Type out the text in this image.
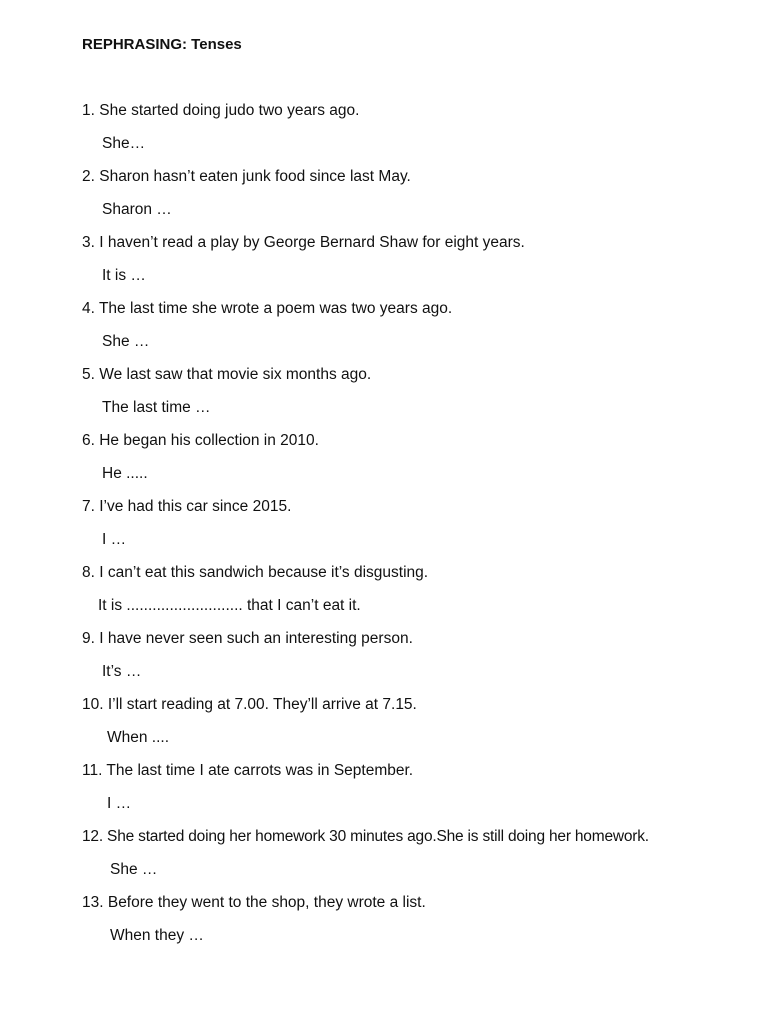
REPHRASING: Tenses
1. She started doing judo two years ago.
She…
2. Sharon hasn’t eaten junk food since last May.
Sharon …
3. I haven’t read a play by George Bernard Shaw for eight years.
It is …
4. The last time she wrote a poem was two years ago.
She …
5. We last saw that movie six months ago.
The last time …
6. He began his collection in 2010.
He .....
7. I’ve had this car since 2015.
I …
8. I can’t eat this sandwich because it’s disgusting.
It is ........................... that I can’t eat it.
9. I have never seen such an interesting person.
It’s …
10. I’ll start reading at 7.00. They’ll arrive at 7.15.
When ....
11. The last time I ate carrots was in September.
I …
12. She started doing her homework 30 minutes ago.She is still doing her homework.
She …
13. Before they went to the shop, they wrote a list.
When they …
